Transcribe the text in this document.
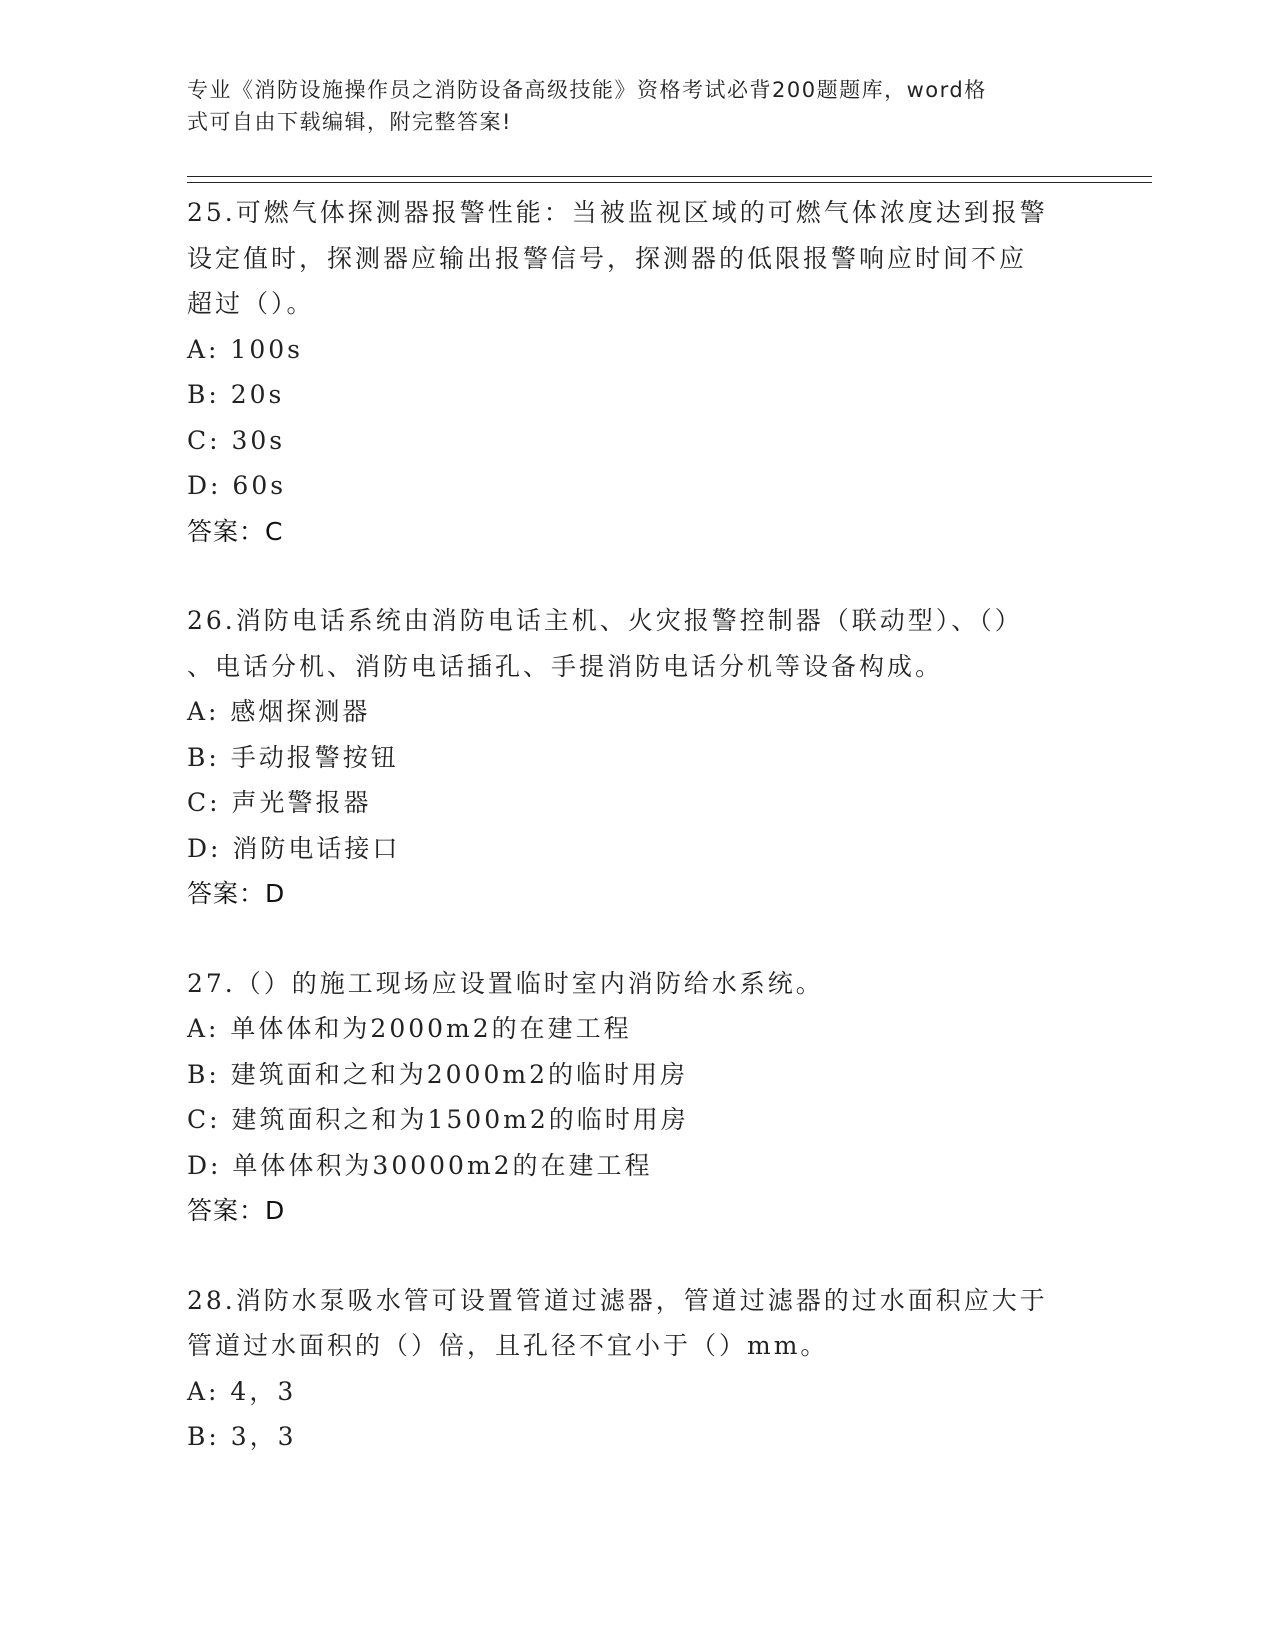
专业《消防设施操作员之消防设备高级技能》资格考试必背200题题库，word格
式可自由下载编辑，附完整答案!
25.可燃气体探测器报警性能：当被监视区域的可燃气体浓度达到报警
设定值时，探测器应输出报警信号，探测器的低限报警响应时间不应
超过（）。
A: 100s
B: 20s
C: 30s
D: 60s
答案：C
26.消防电话系统由消防电话主机、火灾报警控制器（联动型）、（）
、电话分机、消防电话插孔、手提消防电话分机等设备构成。
A: 感烟探测器
B: 手动报警按钮
C: 声光警报器
D: 消防电话接口
答案：D
27.（）的施工现场应设置临时室内消防给水系统。
A: 单体体和为2000m2的在建工程
B: 建筑面和之和为2000m2的临时用房
C: 建筑面积之和为1500m2的临时用房
D: 单体体积为30000m2的在建工程
答案：D
28.消防水泵吸水管可设置管道过滤器，管道过滤器的过水面积应大于
管道过水面积的（）倍，且孔径不宜小于（）mm。
A: 4，3
B: 3，3
